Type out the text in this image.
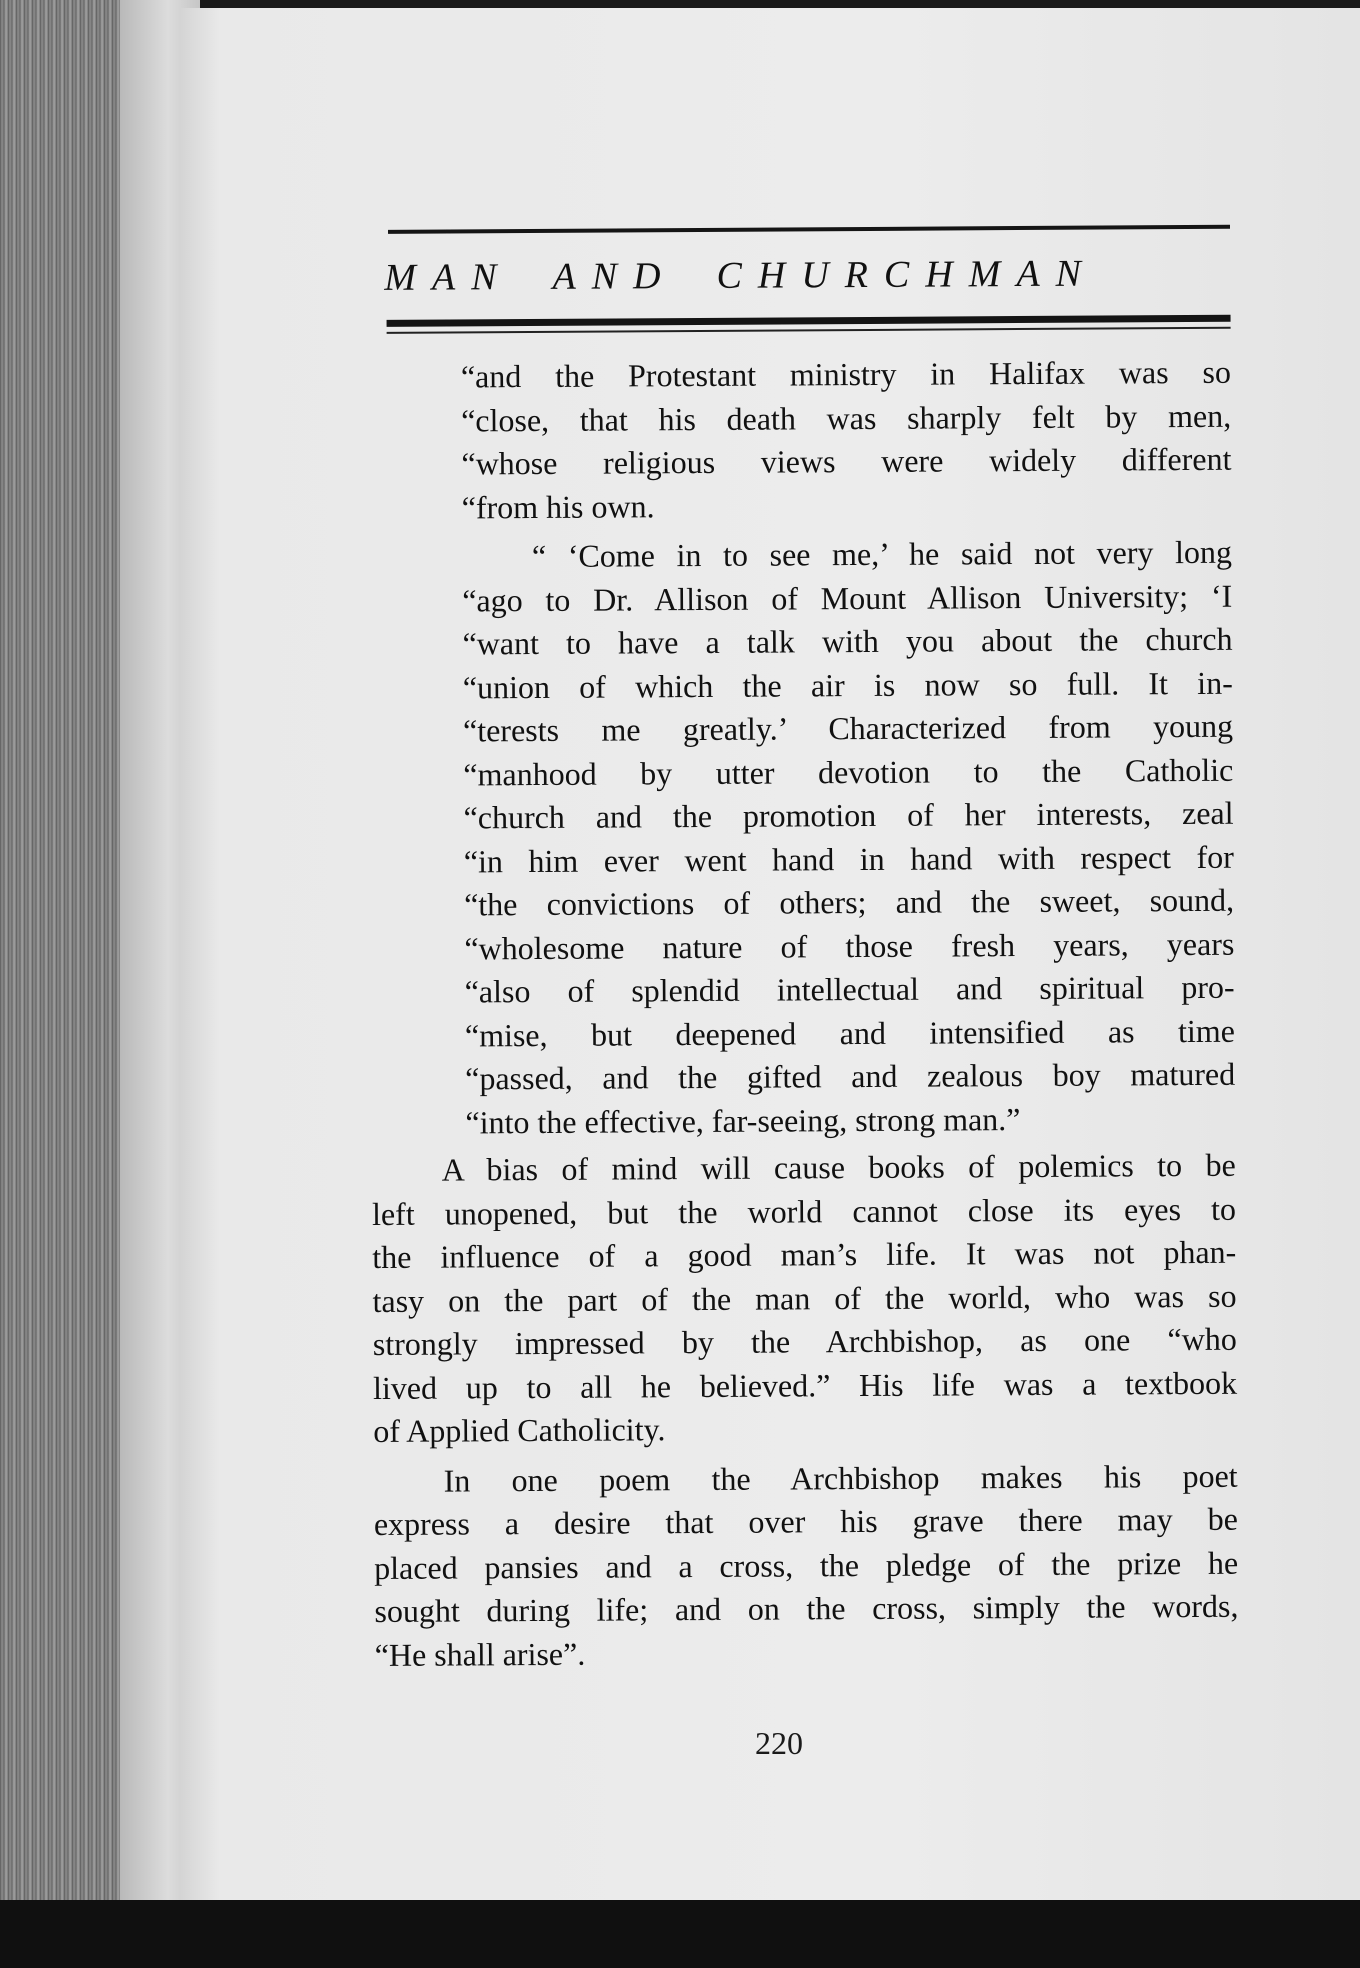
MAN AND CHURCHMAN

“and the Protestant ministry in Halifax was so

“close, that his death was sharply felt by men,

“whose religious views were widely different

“from his own.

“ ‘Come in to see me,’ he said not very long

“ago to Dr. Allison of Mount Allison University; ‘I

“want to have a talk with you about the church

“union of which the air is now so full. It in-

“terests me greatly.’ Characterized from young

“manhood by utter devotion to the Catholic

“church and the promotion of her interests, zeal

“in him ever went hand in hand with respect for

“the convictions of others; and the sweet, sound,

“wholesome nature of those fresh years, years

“also of splendid intellectual and spiritual pro-

“mise, but deepened and intensified as time

“passed, and the gifted and zealous boy matured

“into the effective, far-seeing, strong man.”

A bias of mind will cause books of polemics to be

left unopened, but the world cannot close its eyes to

the influence of a good man’s life. It was not phan-

tasy on the part of the man of the world, who was so

strongly impressed by the Archbishop, as one “who

lived up to all he believed.” His life was a textbook

of Applied Catholicity.

In one poem the Archbishop makes his poet

express a desire that over his grave there may be

placed pansies and a cross, the pledge of the prize he

sought during life; and on the cross, simply the words,

“He shall arise”.

220
